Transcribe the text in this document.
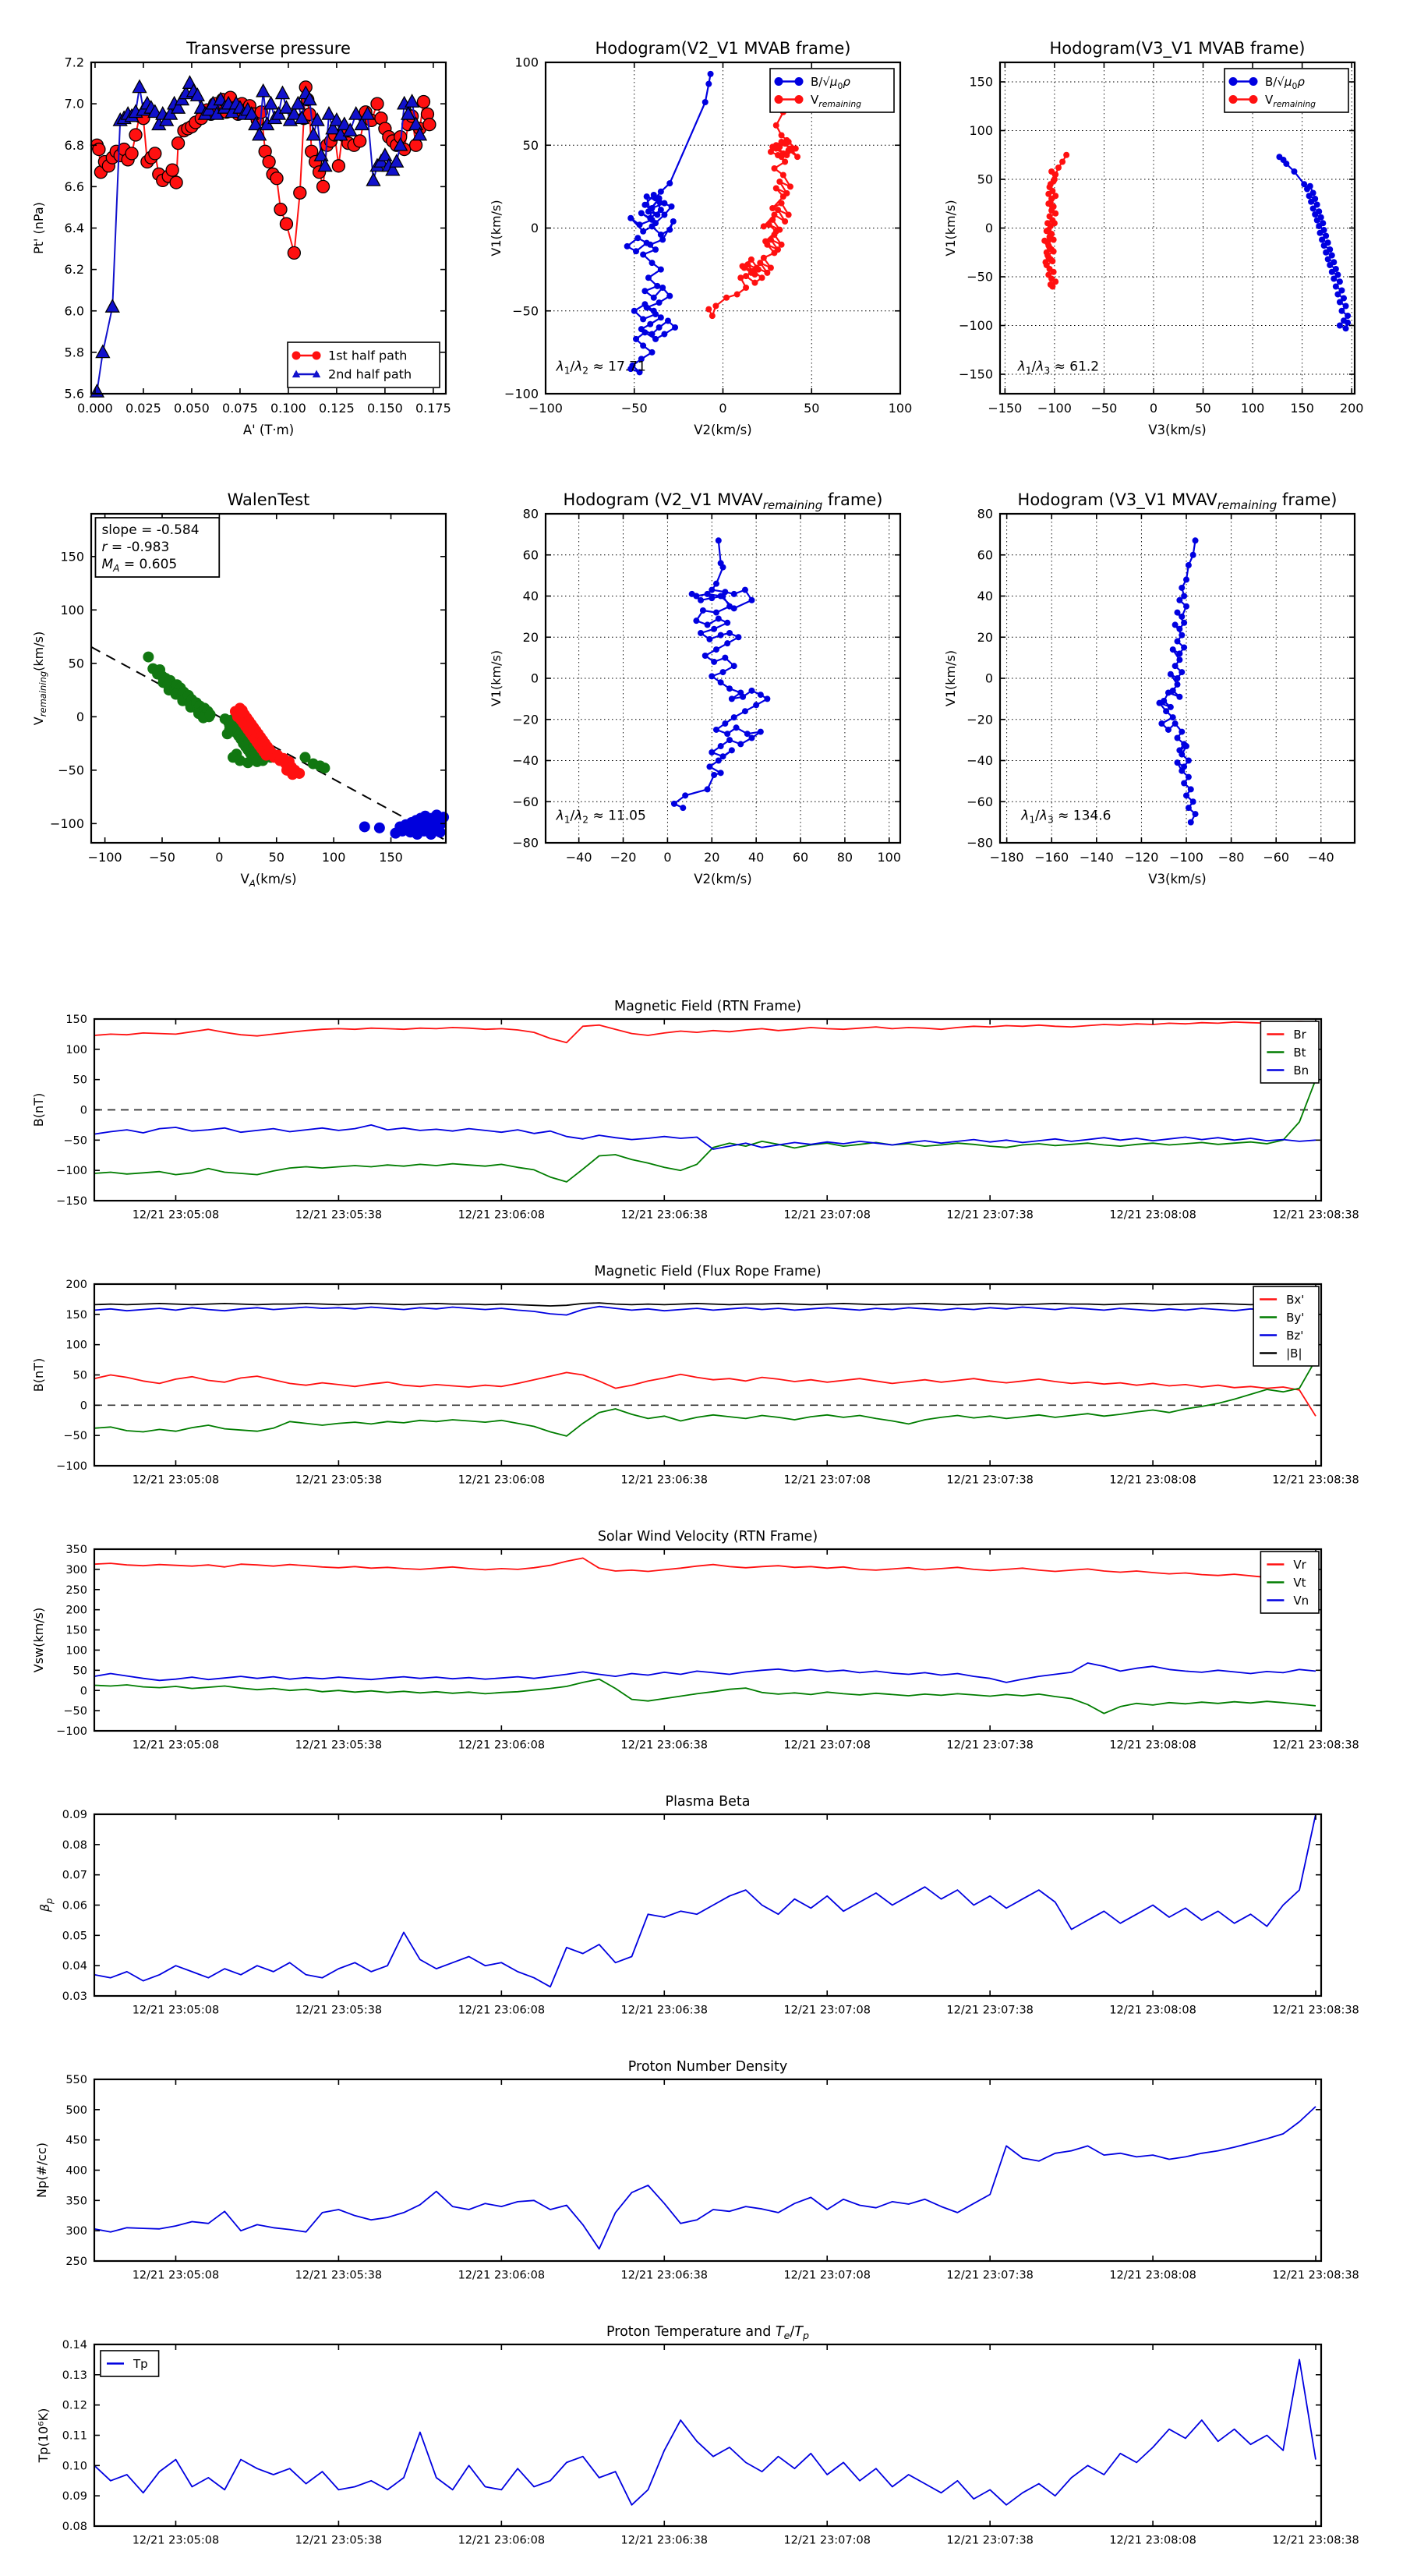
0.000 0.025 0.050 0.075 0.100 0.125 0.150 0.175
5.6
5.8
6.0
6.2
6.4
6.6
6.8
7.0
7.2
Transverse pressure
A' (T·m)
Pt' (nPa)
1st half path
2nd half path
−100	−50	0	50	100
−100
−50
0
50
100
Hodogram(V2_V1 MVAB frame)
V2(km/s)
V1(km/s)
$B/√\mu_0\rho$
$V_{remaining}$
$\lambda_1/\lambda_2 \approx 17.71$
−150 −100 −50	0	50 100 150 200
−150
−100
−50
0
50
100
150
Hodogram(V3_V1 MVAB frame)
V3(km/s)
V1(km/s)
$B/√\mu_0\rho$
$V_{remaining}$
$\lambda_1/\lambda_3 \approx 61.2$
−100 −50	0	50	100	150
−100
−50
0
50
100
150
WalenTest
$V_A(km/s)$
$V_{remaining}(km/s)$
slope = -0.584
r = -0.983
$M_A = 0.605$
−40 −20 0	20 40 60 80 100
−80
−60
−40
−20
0
20
40
60
80
Hodogram (V2_V1 $MVAV_{remaining}$ frame)
V2(km/s)
V1(km/s)
$\lambda_1/\lambda_2 \approx 11.05$
−180 −160 −140 −120 −100 −80 −60 −40
−80
−60
−40
−20
0
20
40
60
80
Hodogram (V3_V1 $MVAV_{remaining}$ frame)
V3(km/s)
V1(km/s)
$\lambda_1/\lambda_3 \approx 134.6$
12/21 23:05:08	12/21 23:05:38	12/21 23:06:08	12/21 23:06:38	12/21 23:07:08	12/21 23:07:38	12/21 23:08:08	12/21 23:08:38
−150
−100
−50
0
50
100
150
Magnetic Field (RTN Frame)
B(nT)
Br
Bt
Bn
12/21 23:05:08	12/21 23:05:38	12/21 23:06:08	12/21 23:06:38	12/21 23:07:08	12/21 23:07:38	12/21 23:08:08	12/21 23:08:38
−100
−50
0
50
100
150
200
Magnetic Field (Flux Rope Frame)
B(nT)
Bx'
By'
Bz'
|B|
12/21 23:05:08	12/21 23:05:38	12/21 23:06:08	12/21 23:06:38	12/21 23:07:08	12/21 23:07:38	12/21 23:08:08	12/21 23:08:38
−100
−50
0
50
100
150
200
250
300
350
Solar Wind Velocity (RTN Frame)
Vsw(km/s)
Vr
Vt
Vn
12/21 23:05:08	12/21 23:05:38	12/21 23:06:08	12/21 23:06:38	12/21 23:07:08	12/21 23:07:38	12/21 23:08:08	12/21 23:08:38
0.03
0.04
0.05
0.06
0.07
0.08
0.09
Plasma Beta
$\beta_p$
12/21 23:05:08	12/21 23:05:38	12/21 23:06:08	12/21 23:06:38	12/21 23:07:08	12/21 23:07:38	12/21 23:08:08	12/21 23:08:38
250
300
350
400
450
500
550
Proton Number Density
Np(#/cc)
12/21 23:05:08	12/21 23:05:38	12/21 23:06:08	12/21 23:06:38	12/21 23:07:08	12/21 23:07:38	12/21 23:08:08	12/21 23:08:38
0.08
0.09
0.10
0.11
0.12
0.13
0.14
Proton Temperature and $T_e/T_p$
Tp(10⁶K)
Tp
